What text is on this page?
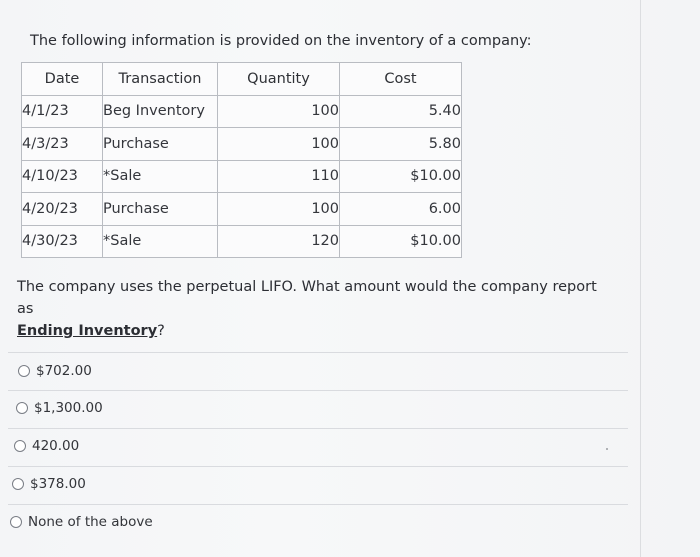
The following information is provided on the inventory of a company:
Date	Transaction	Quantity	Cost
4/1/23	Beg Inventory	100	5.40
4/3/23	Purchase	100	5.80
4/10/23	*Sale	110	$10.00
4/20/23	Purchase	100	6.00
4/30/23	*Sale	120	$10.00
The company uses the perpetual LIFO. What amount would the company report as
Ending Inventory?
$702.00
$1,300.00
420.00
$378.00
None of the above
